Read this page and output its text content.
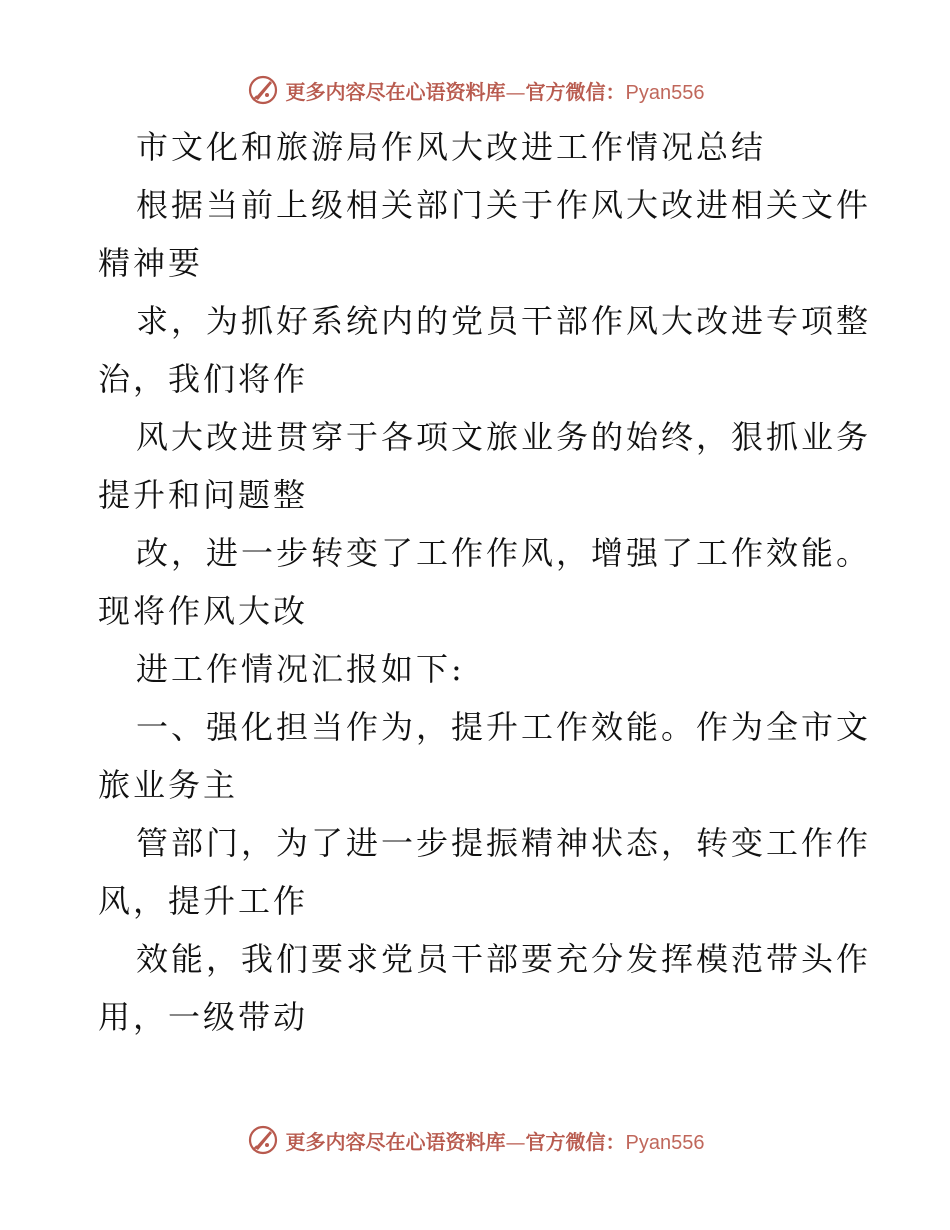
更多内容尽在心语资料库—官方微信：Pyan556
市文化和旅游局作风大改进工作情况总结
根据当前上级相关部门关于作风大改进相关文件
精神要
求，为抓好系统内的党员干部作风大改进专项整
治，我们将作
风大改进贯穿于各项文旅业务的始终，狠抓业务
提升和问题整
改，进一步转变了工作作风，增强了工作效能。
现将作风大改
进工作情况汇报如下:
一、强化担当作为，提升工作效能。作为全市文
旅业务主
管部门，为了进一步提振精神状态，转变工作作
风，提升工作
效能，我们要求党员干部要充分发挥模范带头作
用，一级带动
更多内容尽在心语资料库—官方微信：Pyan556
